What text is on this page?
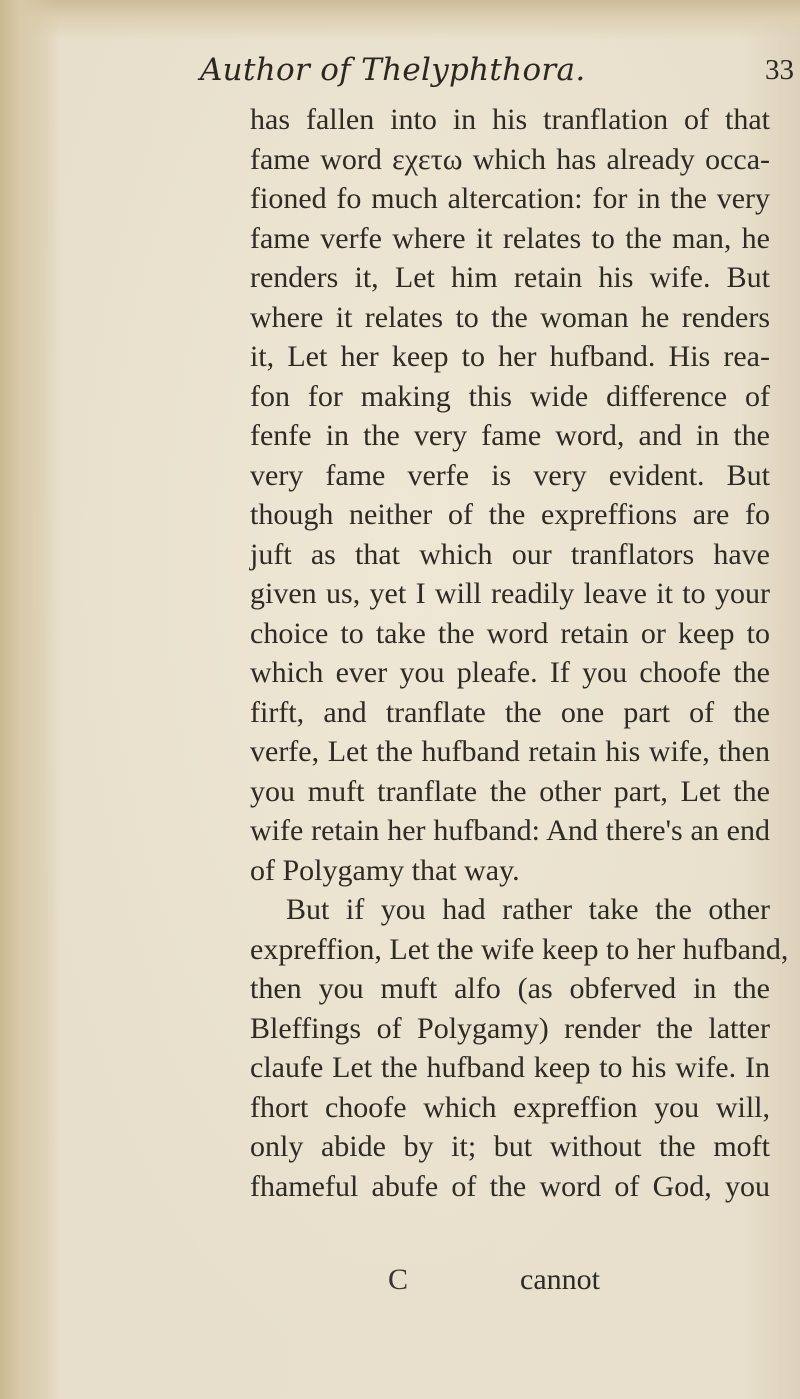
Author of Thelyphthora.	33
has fallen into in his tranflation of that
fame word εχετω which has already occa-
fioned fo much altercation: for in the very
fame verfe where it relates to the man, he
renders it, Let him retain his wife. But
where it relates to the woman he renders
it, Let her keep to her hufband. His rea-
fon for making this wide difference of
fenfe in the very fame word, and in the
very fame verfe is very evident. But
though neither of the expreffions are fo
juft as that which our tranflators have
given us, yet I will readily leave it to your
choice to take the word retain or keep to
which ever you pleafe. If you choofe the
firft, and tranflate the one part of the
verfe, Let the hufband retain his wife, then
you muft tranflate the other part, Let the
wife retain her hufband: And there's an end
of Polygamy that way.
But if you had rather take the other
expreffion, Let the wife keep to her hufband,
then you muft alfo (as obferved in the
Bleffings of Polygamy) render the latter
claufe Let the hufband keep to his wife. In
fhort choofe which expreffion you will,
only abide by it; but without the moft
fhameful abufe of the word of God, you
C	cannot
